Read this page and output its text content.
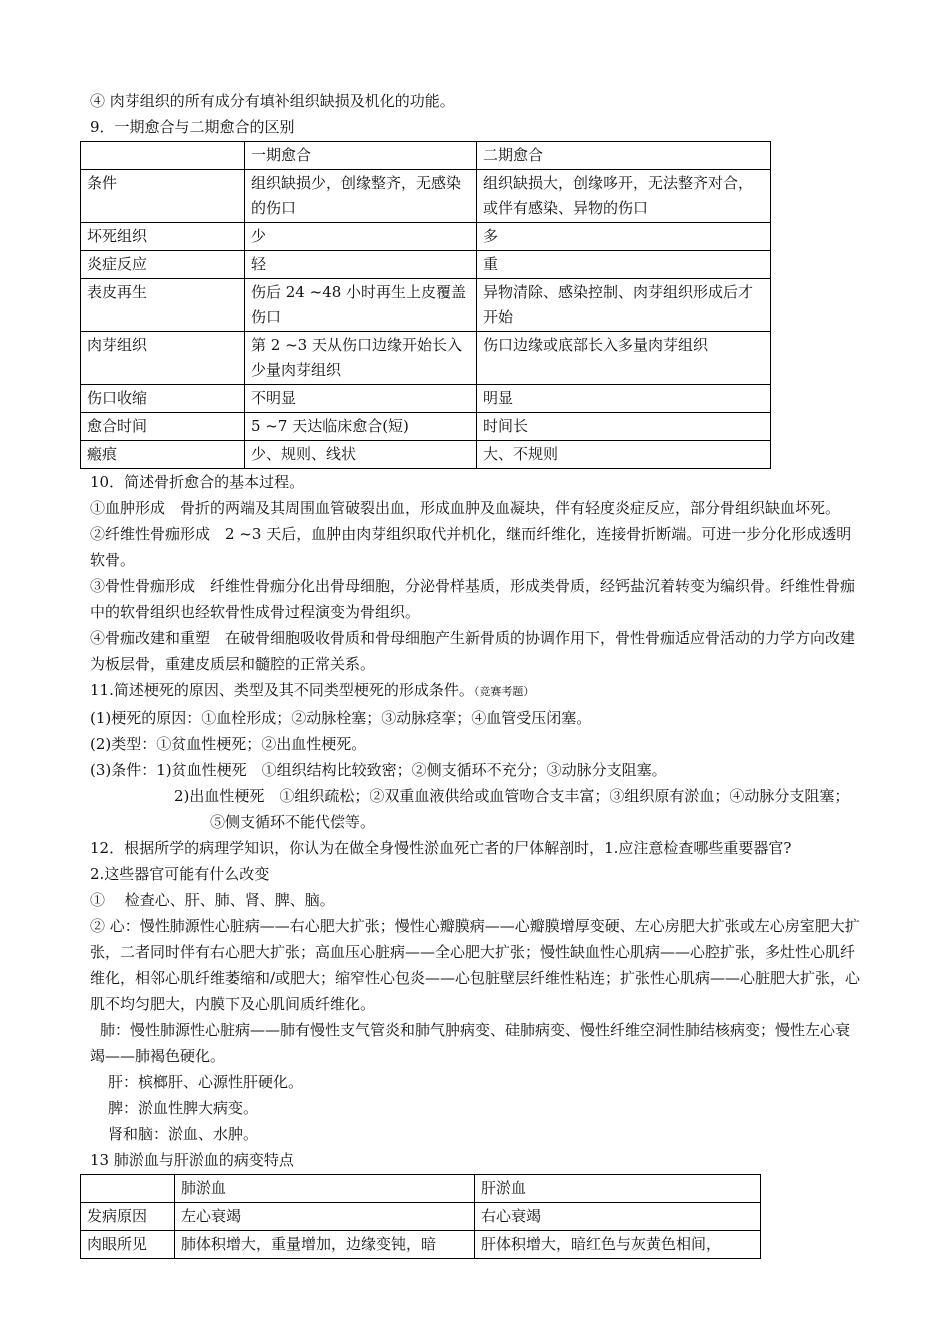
④ 肉芽组织的所有成分有填补组织缺损及机化的功能。
9．一期愈合与二期愈合的区别
	一期愈合	二期愈合
条件	组织缺损少，创缘整齐，无感染的伤口	组织缺损大，创缘哆开，无法整齐对合，或伴有感染、异物的伤口
坏死组织	少	多
炎症反应	轻	重
表皮再生	伤后 24 ~48 小时再生上皮覆盖伤口	异物清除、感染控制、肉芽组织形成后才开始
肉芽组织	第 2 ~3 天从伤口边缘开始长入少量肉芽组织	伤口边缘或底部长入多量肉芽组织
伤口收缩	不明显	明显
愈合时间	5 ~7 天达临床愈合(短)	时间长
瘢痕	少、规则、线状	大、不规则
10．简述骨折愈合的基本过程。
①血肿形成　骨折的两端及其周围血管破裂出血，形成血肿及血凝块，伴有轻度炎症反应，部分骨组织缺血坏死。
②纤维性骨痂形成　2 ~3 天后，血肿由肉芽组织取代并机化，继而纤维化，连接骨折断端。可进一步分化形成透明软骨。
③骨性骨痂形成　纤维性骨痂分化出骨母细胞，分泌骨样基质，形成类骨质，经钙盐沉着转变为编织骨。纤维性骨痂中的软骨组织也经软骨性成骨过程演变为骨组织。
④骨痂改建和重塑　在破骨细胞吸收骨质和骨母细胞产生新骨质的协调作用下，骨性骨痂适应骨活动的力学方向改建为板层骨，重建皮质层和髓腔的正常关系。
11.简述梗死的原因、类型及其不同类型梗死的形成条件。（竞赛考题）
(1)梗死的原因：①血栓形成；②动脉栓塞；③动脉痉挛；④血管受压闭塞。
(2)类型：①贫血性梗死；②出血性梗死。
(3)条件：1)贫血性梗死　①组织结构比较致密；②侧支循环不充分；③动脉分支阻塞。
2)出血性梗死　①组织疏松；②双重血液供给或血管吻合支丰富；③组织原有淤血；④动脉分支阻塞；⑤侧支循环不能代偿等。
12．根据所学的病理学知识，你认为在做全身慢性淤血死亡者的尸体解剖时，1.应注意检查哪些重要器官?
2.这些器官可能有什么改变
①　 检查心、肝、肺、肾、脾、脑。
② 心：慢性肺源性心脏病——右心肥大扩张；慢性心瓣膜病——心瓣膜增厚变硬、左心房肥大扩张或左心房室肥大扩张，二者同时伴有右心肥大扩张；高血压心脏病——全心肥大扩张；慢性缺血性心肌病——心腔扩张，多灶性心肌纤维化，相邻心肌纤维萎缩和/或肥大；缩窄性心包炎——心包脏壁层纤维性粘连；扩张性心肌病——心脏肥大扩张，心肌不均匀肥大，内膜下及心肌间质纤维化。
肺：慢性肺源性心脏病——肺有慢性支气管炎和肺气肿病变、硅肺病变、慢性纤维空洞性肺结核病变；慢性左心衰竭——肺褐色硬化。
肝：槟榔肝、心源性肝硬化。
脾：淤血性脾大病变。
肾和脑：淤血、水肿。
13 肺淤血与肝淤血的病变特点
	肺淤血	肝淤血
发病原因	左心衰竭	右心衰竭
肉眼所见	肺体积增大，重量增加，边缘变钝，暗	肝体积增大，暗红色与灰黄色相间，
